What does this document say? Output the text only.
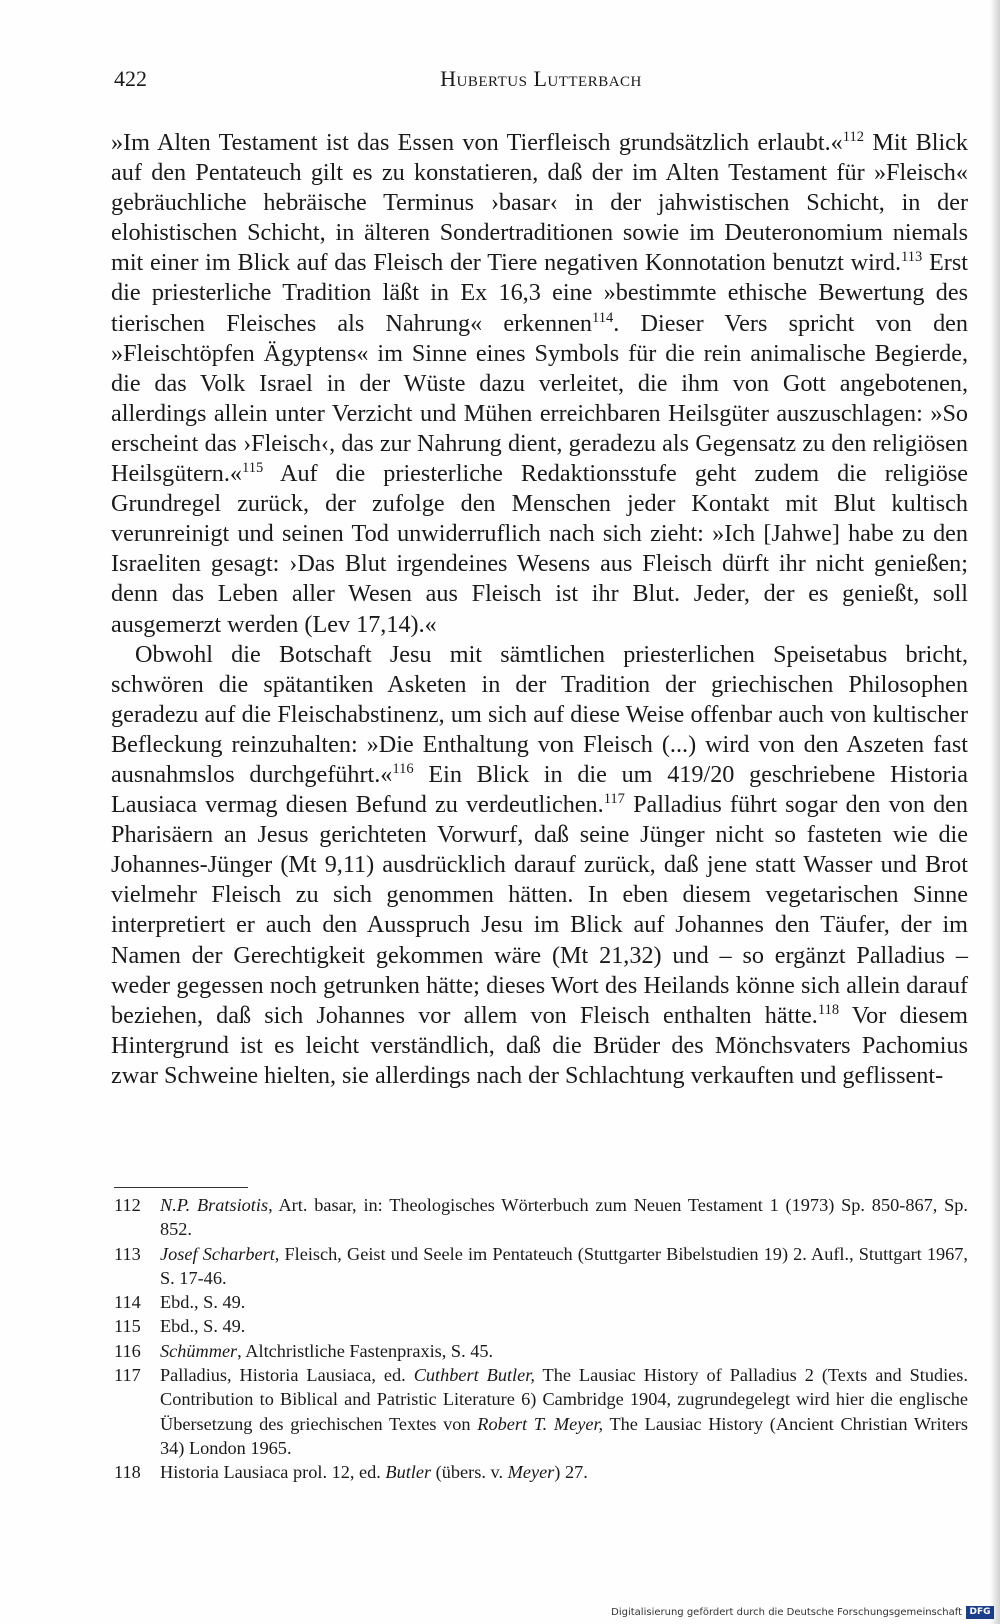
422	Hubertus Lutterbach

»Im Alten Testament ist das Essen von Tierfleisch grundsätzlich erlaubt.«$^{112}$ Mit Blick auf den Pentateuch gilt es zu konstatieren, daß der im Alten Testament für »Fleisch« gebräuchliche hebräische Terminus ›basar‹ in der jahwistischen Schicht, in der elohistischen Schicht, in älteren Sondertraditionen sowie im Deuteronomium niemals mit einer im Blick auf das Fleisch der Tiere negativen Konnotation benutzt wird.$^{113}$ Erst die priesterliche Tradition läßt in Ex 16,3 eine »bestimmte ethische Bewertung des tierischen Fleisches als Nahrung« erkennen$^{114}$. Dieser Vers spricht von den »Fleischtöpfen Ägyptens« im Sinne eines Symbols für die rein animalische Begierde, die das Volk Israel in der Wüste dazu verleitet, die ihm von Gott angebotenen, allerdings allein unter Verzicht und Mühen erreichbaren Heilsgüter auszuschlagen: »So erscheint das ›Fleisch‹, das zur Nahrung dient, geradezu als Gegensatz zu den religiösen Heilsgütern.«$^{115}$ Auf die priesterliche Redaktionsstufe geht zudem die religiöse Grundregel zurück, der zufolge den Menschen jeder Kontakt mit Blut kultisch verunreinigt und seinen Tod unwiderruflich nach sich zieht: »Ich [Jahwe] habe zu den Israeliten gesagt: ›Das Blut irgendeines Wesens aus Fleisch dürft ihr nicht genießen; denn das Leben aller Wesen aus Fleisch ist ihr Blut. Jeder, der es genießt, soll ausgemerzt werden (Lev 17,14).«

Obwohl die Botschaft Jesu mit sämtlichen priesterlichen Speisetabus bricht, schwören die spätantiken Asketen in der Tradition der griechischen Philosophen geradezu auf die Fleischabstinenz, um sich auf diese Weise offenbar auch von kultischer Befleckung reinzuhalten: »Die Enthaltung von Fleisch (...) wird von den Aszeten fast ausnahmslos durchgeführt.«$^{116}$ Ein Blick in die um 419/20 geschriebene Historia Lausiaca vermag diesen Befund zu verdeutlichen.$^{117}$ Palladius führt sogar den von den Pharisäern an Jesus gerichteten Vorwurf, daß seine Jünger nicht so fasteten wie die Johannes-Jünger (Mt 9,11) ausdrücklich darauf zurück, daß jene statt Wasser und Brot vielmehr Fleisch zu sich genommen hätten. In eben diesem vegetarischen Sinne interpretiert er auch den Ausspruch Jesu im Blick auf Johannes den Täufer, der im Namen der Gerechtigkeit gekommen wäre (Mt 21,32) und – so ergänzt Palladius – weder gegessen noch getrunken hätte; dieses Wort des Heilands könne sich allein darauf beziehen, daß sich Johannes vor allem von Fleisch enthalten hätte.$^{118}$ Vor diesem Hintergrund ist es leicht verständlich, daß die Brüder des Mönchsvaters Pachomius zwar Schweine hielten, sie allerdings nach der Schlachtung verkauften und geflissent-

112 N.P. Bratsiotis, Art. basar, in: Theologisches Wörterbuch zum Neuen Testament 1 (1973) Sp. 850-867, Sp. 852.
113 Josef Scharbert, Fleisch, Geist und Seele im Pentateuch (Stuttgarter Bibelstudien 19) 2. Aufl., Stuttgart 1967, S. 17-46.
114 Ebd., S. 49.
115 Ebd., S. 49.
116 Schümmer, Altchristliche Fastenpraxis, S. 45.
117 Palladius, Historia Lausiaca, ed. Cuthbert Butler, The Lausiac History of Palladius 2 (Texts and Studies. Contribution to Biblical and Patristic Literature 6) Cambridge 1904, zugrundegelegt wird hier die englische Übersetzung des griechischen Textes von Robert T. Meyer, The Lausiac History (Ancient Christian Writers 34) London 1965.
118 Historia Lausiaca prol. 12, ed. Butler (übers. v. Meyer) 27.
Digitalisierung gefördert durch die Deutsche Forschungsgemeinschaft DFG
